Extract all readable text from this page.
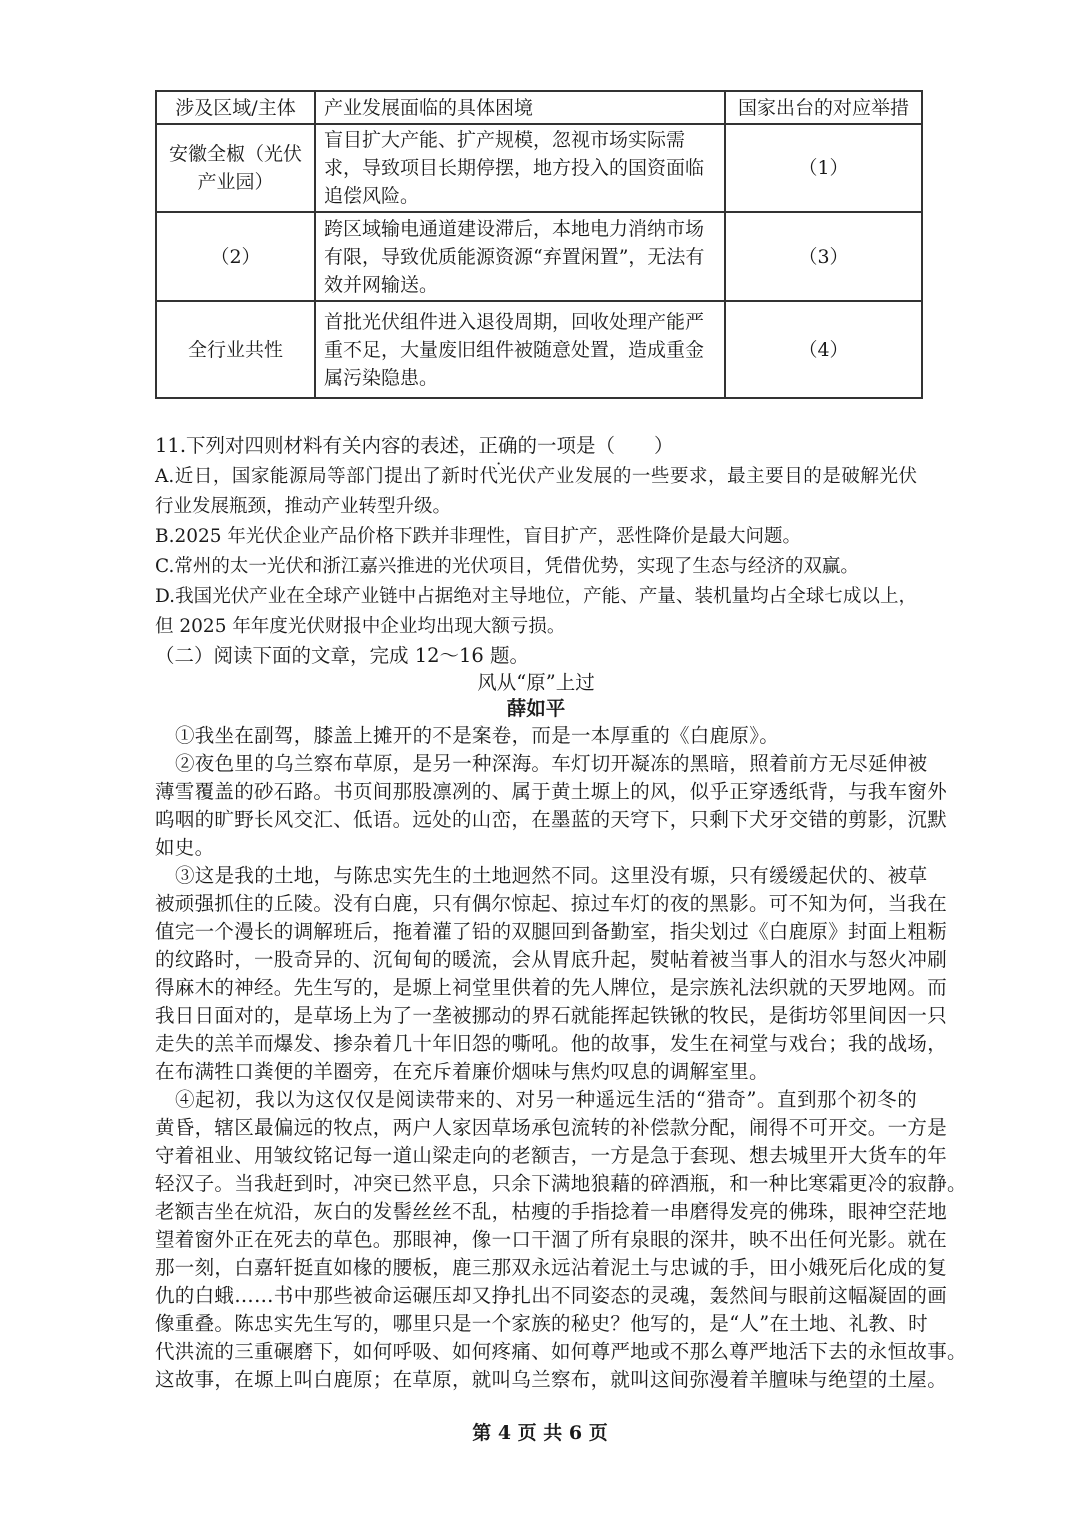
涉及区域/主体	产业发展面临的具体困境	国家出台的对应举措
安徽全椒（光伏产业园）	盲目扩大产能、扩产规模，忽视市场实际需求，导致项目长期停摆，地方投入的国资面临追偿风险。	（1）
（2）	跨区域输电通道建设滞后，本地电力消纳市场有限，导致优质能源资源“弃置闲置”，无法有效并网输送。	（3）
全行业共性	首批光伏组件进入退役周期，回收处理产能严重不足，大量废旧组件被随意处置，造成重金属污染隐患。	（4）
11.下列对四则材料有关内容的表述，正确的一项是（　　）
A.近日，国家能源局等部门提出了新时代光伏产业发展的一些要求，最主要目的是破解光伏
行业发展瓶颈，推动产业转型升级。
B.2025 年光伏企业产品价格下跌并非理性，盲目扩产，恶性降价是最大问题。
C.常州的太一光伏和浙江嘉兴推进的光伏项目，凭借优势，实现了生态与经济的双赢。
D.我国光伏产业在全球产业链中占据绝对主导地位，产能、产量、装机量均占全球七成以上，
但 2025 年年度光伏财报中企业均出现大额亏损。
（二）阅读下面的文章，完成 12～16 题。
风从“原”上过
薛如平
①我坐在副驾，膝盖上摊开的不是案卷，而是一本厚重的《白鹿原》。
②夜色里的乌兰察布草原，是另一种深海。车灯切开凝冻的黑暗，照着前方无尽延伸被
薄雪覆盖的砂石路。书页间那股凛冽的、属于黄土塬上的风，似乎正穿透纸背，与我车窗外
呜咽的旷野长风交汇、低语。远处的山峦，在墨蓝的天穹下，只剩下犬牙交错的剪影，沉默
如史。
③这是我的土地，与陈忠实先生的土地迥然不同。这里没有塬，只有缓缓起伏的、被草
被顽强抓住的丘陵。没有白鹿，只有偶尔惊起、掠过车灯的夜的黑影。可不知为何，当我在
值完一个漫长的调解班后，拖着灌了铅的双腿回到备勤室，指尖划过《白鹿原》封面上粗粝
的纹路时，一股奇异的、沉甸甸的暖流，会从胃底升起，熨帖着被当事人的泪水与怒火冲刷
得麻木的神经。先生写的，是塬上祠堂里供着的先人牌位，是宗族礼法织就的天罗地网。而
我日日面对的，是草场上为了一垄被挪动的界石就能挥起铁锹的牧民，是街坊邻里间因一只
走失的羔羊而爆发、掺杂着几十年旧怨的嘶吼。他的故事，发生在祠堂与戏台；我的战场，
在布满牲口粪便的羊圈旁，在充斥着廉价烟味与焦灼叹息的调解室里。
④起初，我以为这仅仅是阅读带来的、对另一种遥远生活的“猎奇”。直到那个初冬的
黄昏，辖区最偏远的牧点，两户人家因草场承包流转的补偿款分配，闹得不可开交。一方是
守着祖业、用皱纹铭记每一道山梁走向的老额吉，一方是急于套现、想去城里开大货车的年
轻汉子。当我赶到时，冲突已然平息，只余下满地狼藉的碎酒瓶，和一种比寒霜更冷的寂静。
老额吉坐在炕沿，灰白的发髻丝丝不乱，枯瘦的手指捻着一串磨得发亮的佛珠，眼神空茫地
望着窗外正在死去的草色。那眼神，像一口干涸了所有泉眼的深井，映不出任何光影。就在
那一刻，白嘉轩挺直如椽的腰板，鹿三那双永远沾着泥土与忠诚的手，田小娥死后化成的复
仇的白蛾……书中那些被命运碾压却又挣扎出不同姿态的灵魂，轰然间与眼前这幅凝固的画
像重叠。陈忠实先生写的，哪里只是一个家族的秘史？他写的，是“人”在土地、礼教、时
代洪流的三重碾磨下，如何呼吸、如何疼痛、如何尊严地或不那么尊严地活下去的永恒故事。
这故事，在塬上叫白鹿原；在草原，就叫乌兰察布，就叫这间弥漫着羊膻味与绝望的土屋。
第 4 页 共 6 页
